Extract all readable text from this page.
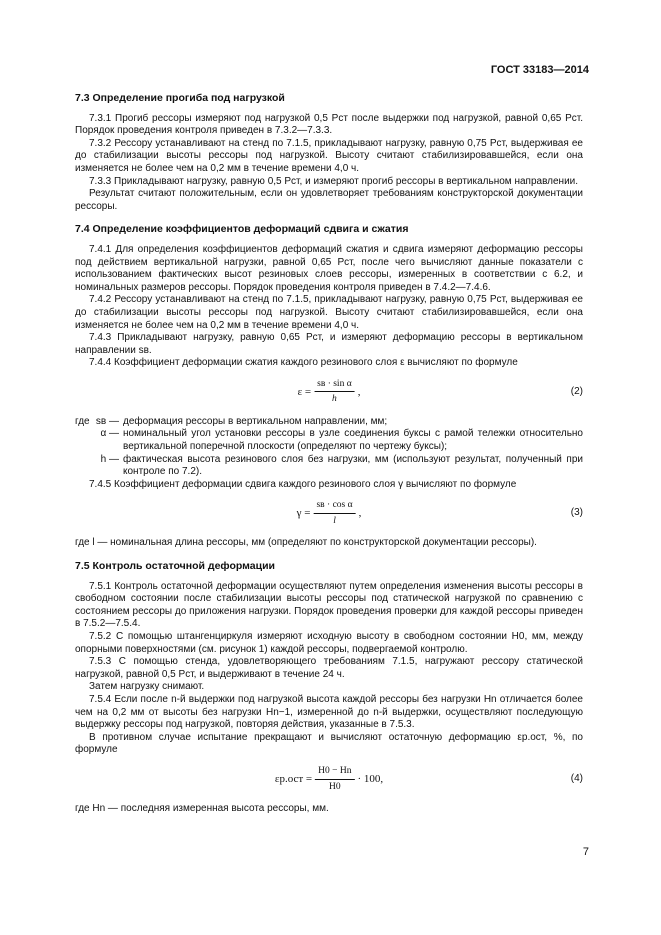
ГОСТ 33183—2014
7.3 Определение прогиба под нагрузкой

7.3.1 Прогиб рессоры измеряют под нагрузкой 0,5 Pст после выдержки под нагрузкой, равной 0,65 Pст. Порядок проведения контроля приведен в 7.3.2—7.3.3.

7.3.2 Рессору устанавливают на стенд по 7.1.5, прикладывают нагрузку, равную 0,75 Pст, выдерживая ее до стабилизации высоты рессоры под нагрузкой. Высоту считают стабилизировавшейся, если она изменяется не более чем на 0,2 мм в течение времени 4,0 ч.

7.3.3 Прикладывают нагрузку, равную 0,5 Pст, и измеряют прогиб рессоры в вертикальном направлении.

Результат считают положительным, если он удовлетворяет требованиям конструкторской документации рессоры.

7.4 Определение коэффициентов деформаций сдвига и сжатия

7.4.1 Для определения коэффициентов деформаций сжатия и сдвига измеряют деформацию рессоры под действием вертикальной нагрузки, равной 0,65 Pст, после чего вычисляют данные показатели с использованием фактических высот резиновых слоев рессоры, измеренных в соответствии с 6.2, и номинальных размеров рессоры. Порядок проведения контроля приведен в 7.4.2—7.4.6.

7.4.2 Рессору устанавливают на стенд по 7.1.5, прикладывают нагрузку, равную 0,75 Pст, выдерживая ее до стабилизации высоты рессоры под нагрузкой. Высоту считают стабилизировавшейся, если она изменяется не более чем на 0,2 мм в течение времени 4,0 ч.

7.4.3 Прикладывают нагрузку, равную 0,65 Pст, и измеряют деформацию рессоры в вертикальном направлении sв.

7.4.4 Коэффициент деформации сжатия каждого резинового слоя ε вычисляют по формуле

$\varepsilon = \frac{\text{sв · sin α}}{h}$ ,	(2)
где sв — деформация рессоры в вертикальном направлении, мм;
α — номинальный угол установки рессоры в узле соединения буксы с рамой тележки относительно вертикальной поперечной плоскости (определяют по чертежу буксы);
h — фактическая высота резинового слоя без нагрузки, мм (используют результат, полученный при контроле по 7.2).

7.4.5 Коэффициент деформации сдвига каждого резинового слоя γ вычисляют по формуле

$\gamma = \frac{\text{sв · cos α}}{l}$ ,	(3)

где l — номинальная длина рессоры, мм (определяют по конструкторской документации рессоры).

7.5 Контроль остаточной деформации

7.5.1 Контроль остаточной деформации осуществляют путем определения изменения высоты рессоры в свободном состоянии после стабилизации высоты рессоры под статической нагрузкой по сравнению с состоянием рессоры до приложения нагрузки. Порядок проведения проверки для каждой рессоры приведен в 7.5.2—7.5.4.

7.5.2 С помощью штангенциркуля измеряют исходную высоту в свободном состоянии H0, мм, между опорными поверхностями (см. рисунок 1) каждой рессоры, подвергаемой контролю.

7.5.3 С помощью стенда, удовлетворяющего требованиям 7.1.5, нагружают рессору статической нагрузкой, равной 0,5 Pст, и выдерживают в течение 24 ч.

Затем нагрузку снимают.

7.5.4 Если после n-й выдержки под нагрузкой высота каждой рессоры без нагрузки Hn отличается более чем на 0,2 мм от высоты без нагрузки Hn−1, измеренной до n-й выдержки, осуществляют последующую выдержку рессоры под нагрузкой, повторяя действия, указанные в 7.5.3.

В противном случае испытание прекращают и вычисляют остаточную деформацию εр.ост, %, по формуле

$\varepsilon р.ост = \frac{H0 - Hn}{H0} \cdot 100$,	(4)

где Hn — последняя измеренная высота рессоры, мм.

7
